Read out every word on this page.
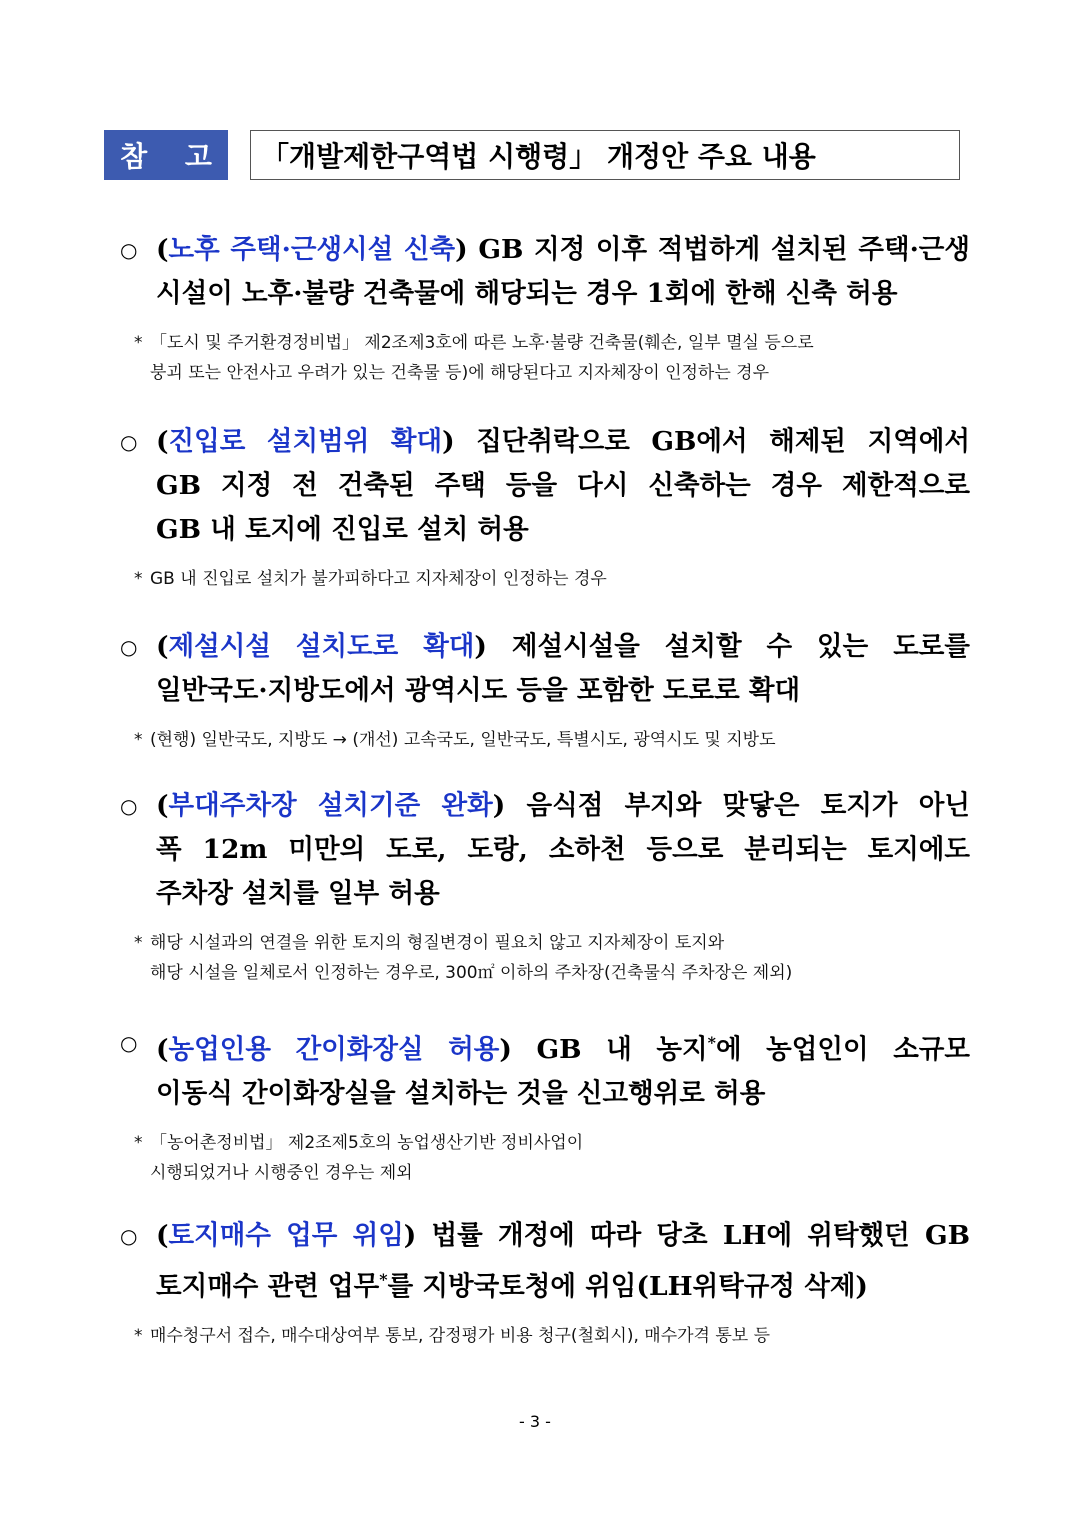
참 고	「개발제한구역법 시행령」 개정안 주요 내용
○ (노후 주택·근생시설 신축) GB 지정 이후 적법하게 설치된 주택·근생

시설이 노후·불량 건축물에 해당되는 경우 1회에 한해 신축 허용

* 「도시 및 주거환경정비법」 제2조제3호에 따른 노후·불량 건축물(훼손, 일부 멸실 등으로

붕괴 또는 안전사고 우려가 있는 건축물 등)에 해당된다고 지자체장이 인정하는 경우

○ (진입로 설치범위 확대) 집단취락으로 GB에서 해제된 지역에서

GB 지정 전 건축된 주택 등을 다시 신축하는 경우 제한적으로

GB 내 토지에 진입로 설치 허용

* GB 내 진입로 설치가 불가피하다고 지자체장이 인정하는 경우

○ (제설시설 설치도로 확대) 제설시설을 설치할 수 있는 도로를

일반국도·지방도에서 광역시도 등을 포함한 도로로 확대

* (현행) 일반국도, 지방도 → (개선) 고속국도, 일반국도, 특별시도, 광역시도 및 지방도

○ (부대주차장 설치기준 완화) 음식점 부지와 맞닿은 토지가 아닌

폭 12m 미만의 도로, 도랑, 소하천 등으로 분리되는 토지에도

주차장 설치를 일부 허용

* 해당 시설과의 연결을 위한 토지의 형질변경이 필요치 않고 지자체장이 토지와

해당 시설을 일체로서 인정하는 경우로, 300㎡ 이하의 주차장(건축물식 주차장은 제외)

○ (농업인용 간이화장실 허용) GB 내 농지*에 농업인이 소규모

이동식 간이화장실을 설치하는 것을 신고행위로 허용

* 「농어촌정비법」 제2조제5호의 농업생산기반 정비사업이

시행되었거나 시행중인 경우는 제외

○ (토지매수 업무 위임) 법률 개정에 따라 당초 LH에 위탁했던 GB

토지매수 관련 업무*를 지방국토청에 위임(LH위탁규정 삭제)

* 매수청구서 접수, 매수대상여부 통보, 감정평가 비용 청구(철회시), 매수가격 통보 등

- 3 -
